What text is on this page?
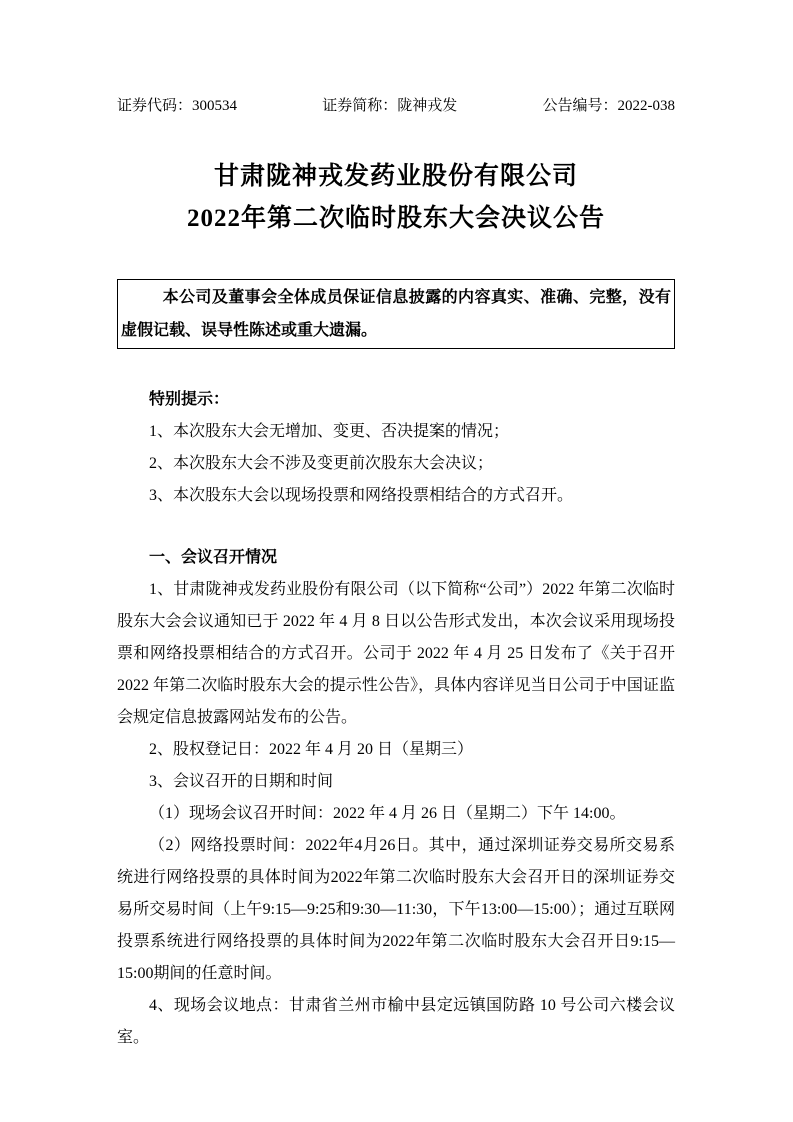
证券代码：300534	证券简称：陇神戎发	公告编号：2022-038
甘肃陇神戎发药业股份有限公司
2022年第二次临时股东大会决议公告

本公司及董事会全体成员保证信息披露的内容真实、准确、完整，没有虚假记载、误导性陈述或重大遗漏。

特别提示：
1、本次股东大会无增加、变更、否决提案的情况；
2、本次股东大会不涉及变更前次股东大会决议；
3、本次股东大会以现场投票和网络投票相结合的方式召开。
一、会议召开情况

1、甘肃陇神戎发药业股份有限公司（以下简称“公司”）2022 年第二次临时股东大会会议通知已于 2022 年 4 月 8 日以公告形式发出，本次会议采用现场投票和网络投票相结合的方式召开。公司于 2022 年 4 月 25 日发布了《关于召开 2022 年第二次临时股东大会的提示性公告》，具体内容详见当日公司于中国证监会规定信息披露网站发布的公告。

2、股权登记日：2022 年 4 月 20 日（星期三）

3、会议召开的日期和时间

（1）现场会议召开时间：2022 年 4 月 26 日（星期二）下午 14:00。

（2）网络投票时间：2022年4月26日。其中，通过深圳证券交易所交易系统进行网络投票的具体时间为2022年第二次临时股东大会召开日的深圳证券交易所交易时间（上午9:15—9:25和9:30—11:30，下午13:00—15:00）；通过互联网投票系统进行网络投票的具体时间为2022年第二次临时股东大会召开日9:15—15:00期间的任意时间。

4、现场会议地点：甘肃省兰州市榆中县定远镇国防路 10 号公司六楼会议室。
